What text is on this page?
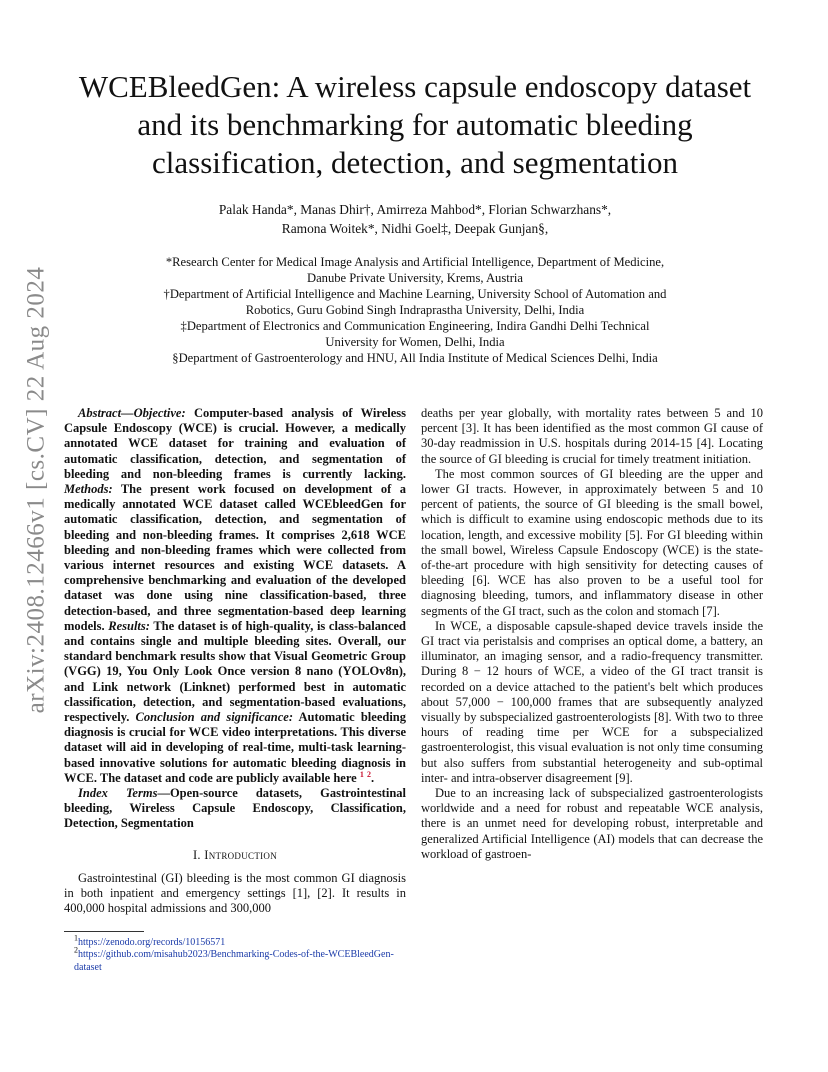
arXiv:2408.12466v1 [cs.CV] 22 Aug 2024
WCEBleedGen: A wireless capsule endoscopy dataset and its benchmarking for automatic bleeding classification, detection, and segmentation
Palak Handa*, Manas Dhir†, Amirreza Mahbod*, Florian Schwarzhans*,
Ramona Woitek*, Nidhi Goel‡, Deepak Gunjan§,

*Research Center for Medical Image Analysis and Artificial Intelligence, Department of Medicine,

Danube Private University, Krems, Austria

†Department of Artificial Intelligence and Machine Learning, University School of Automation and

Robotics, Guru Gobind Singh Indraprastha University, Delhi, India

‡Department of Electronics and Communication Engineering, Indira Gandhi Delhi Technical

University for Women, Delhi, India

§Department of Gastroenterology and HNU, All India Institute of Medical Sciences Delhi, India

Abstract—Objective: Computer-based analysis of Wireless Capsule Endoscopy (WCE) is crucial. However, a medically annotated WCE dataset for training and evaluation of automatic classification, detection, and segmentation of bleeding and non-bleeding frames is currently lacking. Methods: The present work focused on development of a medically annotated WCE dataset called WCEbleedGen for automatic classification, detection, and segmentation of bleeding and non-bleeding frames. It comprises 2,618 WCE bleeding and non-bleeding frames which were collected from various internet resources and existing WCE datasets. A comprehensive benchmarking and evaluation of the developed dataset was done using nine classification-based, three detection-based, and three segmentation-based deep learning models. Results: The dataset is of high-quality, is class-balanced and contains single and multiple bleeding sites. Overall, our standard benchmark results show that Visual Geometric Group (VGG) 19, You Only Look Once version 8 nano (YOLOv8n), and Link network (Linknet) performed best in automatic classification, detection, and segmentation-based evaluations, respectively. Conclusion and significance: Automatic bleeding diagnosis is crucial for WCE video interpretations. This diverse dataset will aid in developing of real-time, multi-task learning-based innovative solutions for automatic bleeding diagnosis in WCE. The dataset and code are publicly available here $^1$ $^2$.

Index Terms—Open-source datasets, Gastrointestinal bleeding, Wireless Capsule Endoscopy, Classification, Detection, Segmentation

I. Introduction

Gastrointestinal (GI) bleeding is the most common GI diagnosis in both inpatient and emergency settings [1], [2]. It results in 400,000 hospital admissions and 300,000

$^1$https://zenodo.org/records/10156571

$^2$https://github.com/misahub2023/Benchmarking-Codes-of-the-WCEBleedGen-dataset

deaths per year globally, with mortality rates between 5 and 10 percent [3]. It has been identified as the most common GI cause of 30-day readmission in U.S. hospitals during 2014-15 [4]. Locating the source of GI bleeding is crucial for timely treatment initiation.

The most common sources of GI bleeding are the upper and lower GI tracts. However, in approximately between 5 and 10 percent of patients, the source of GI bleeding is the small bowel, which is difficult to examine using endoscopic methods due to its location, length, and excessive mobility [5]. For GI bleeding within the small bowel, Wireless Capsule Endoscopy (WCE) is the state-of-the-art procedure with high sensitivity for detecting causes of bleeding [6]. WCE has also proven to be a useful tool for diagnosing bleeding, tumors, and inflammatory disease in other segments of the GI tract, such as the colon and stomach [7].

In WCE, a disposable capsule-shaped device travels inside the GI tract via peristalsis and comprises an optical dome, a battery, an illuminator, an imaging sensor, and a radio-frequency transmitter. During 8 − 12 hours of WCE, a video of the GI tract transit is recorded on a device attached to the patient's belt which produces about 57,000 − 100,000 frames that are subsequently analyzed visually by subspecialized gastroenterologists [8]. With two to three hours of reading time per WCE for a subspecialized gastroenterologist, this visual evaluation is not only time consuming but also suffers from substantial heterogeneity and sub-optimal inter- and intra-observer disagreement [9].

Due to an increasing lack of subspecialized gastroenterologists worldwide and a need for robust and repeatable WCE analysis, there is an unmet need for developing robust, interpretable and generalized Artificial Intelligence (AI) models that can decrease the workload of gastroen-
